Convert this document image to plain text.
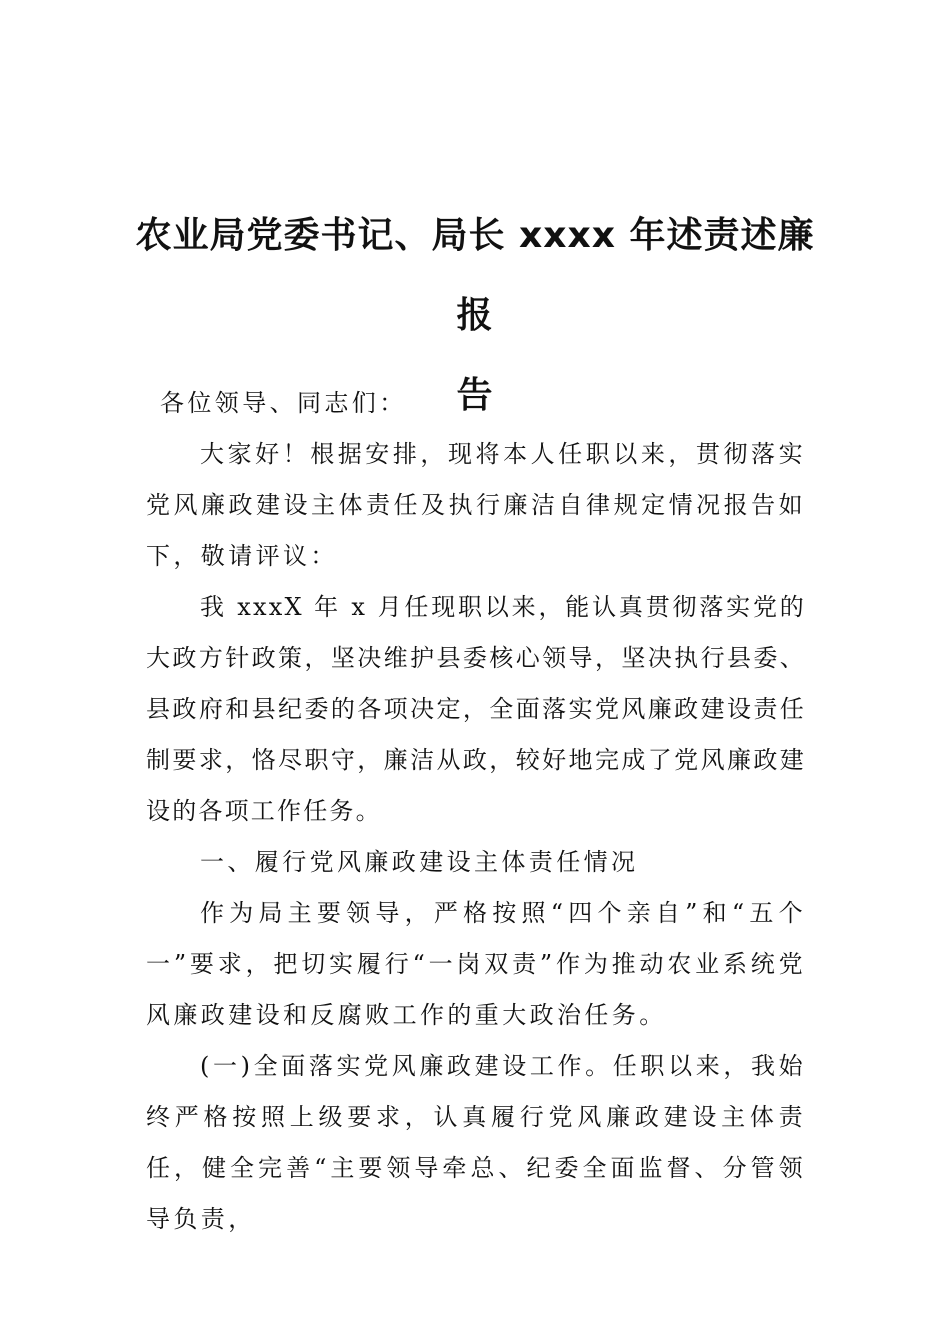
农业局党委书记、局长 xxxx 年述责述廉报
告

各位领导、同志们：

大家好！根据安排，现将本人任职以来，贯彻落实党风廉政建设主体责任及执行廉洁自律规定情况报告如下，敬请评议：

我 xxxX 年 x 月任现职以来，能认真贯彻落实党的大政方针政策，坚决维护县委核心领导，坚决执行县委、县政府和县纪委的各项决定，全面落实党风廉政建设责任制要求，恪尽职守，廉洁从政，较好地完成了党风廉政建设的各项工作任务。

一、履行党风廉政建设主体责任情况

作为局主要领导，严格按照“四个亲自”和“五个一”要求，把切实履行“一岗双责”作为推动农业系统党风廉政建设和反腐败工作的重大政治任务。

(一)全面落实党风廉政建设工作。任职以来，我始终严格按照上级要求，认真履行党风廉政建设主体责任，健全完善“主要领导牵总、纪委全面监督、分管领导负责，
